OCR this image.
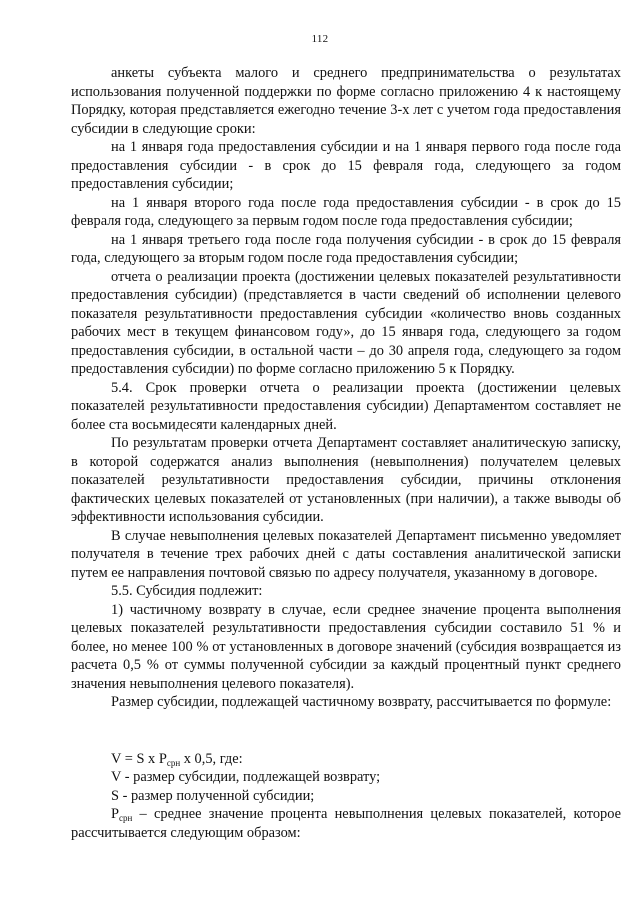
112

анкеты субъекта малого и среднего предпринимательства о результатах использования полученной поддержки по форме согласно приложению 4 к настоящему Порядку, которая представляется ежегодно течение 3-х лет с учетом года предоставления субсидии в следующие сроки:

на 1 января года предоставления субсидии и на 1 января первого года после года предоставления субсидии - в срок до 15 февраля года, следующего за годом предоставления субсидии;

на 1 января второго года после года предоставления субсидии - в срок до 15 февраля года, следующего за первым годом после года предоставления субсидии;

на 1 января третьего года после года получения субсидии - в срок до 15 февраля года, следующего за вторым годом после года предоставления субсидии;

отчета о реализации проекта (достижении целевых показателей результативности предоставления субсидии) (представляется в части сведений об исполнении целевого показателя результативности предоставления субсидии «количество вновь созданных рабочих мест в текущем финансовом году», до 15 января года, следующего за годом предоставления субсидии, в остальной части – до 30 апреля года, следующего за годом предоставления субсидии) по форме согласно приложению 5 к Порядку.

5.4. Срок проверки отчета о реализации проекта (достижении целевых показателей результативности предоставления субсидии) Департаментом составляет не более ста восьмидесяти календарных дней.

По результатам проверки отчета Департамент составляет аналитическую записку, в которой содержатся анализ выполнения (невыполнения) получателем целевых показателей результативности предоставления субсидии, причины отклонения фактических целевых показателей от установленных (при наличии), а также выводы об эффективности использования субсидии.

В случае невыполнения целевых показателей Департамент письменно уведомляет получателя в течение трех рабочих дней с даты составления аналитической записки путем ее направления почтовой связью по адресу получателя, указанному в договоре.

5.5. Субсидия подлежит:

1) частичному возврату в случае, если среднее значение процента выполнения целевых показателей результативности предоставления субсидии составило 51 % и более, но менее 100 % от установленных в договоре значений (субсидия возвращается из расчета 0,5 % от суммы полученной субсидии за каждый процентный пункт среднего значения невыполнения целевого показателя).

Размер субсидии, подлежащей частичному возврату, рассчитывается по формуле:

V = S x $P_{срн}$ x 0,5, где:

V - размер субсидии, подлежащей возврату;

S - размер полученной субсидии;

$P_{срн}$ – среднее значение процента невыполнения целевых показателей, которое рассчитывается следующим образом:
